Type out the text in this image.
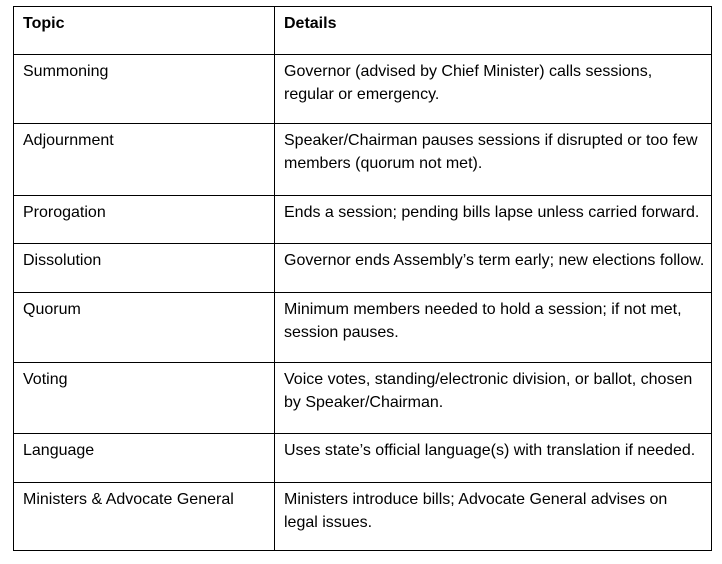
Topic	Details
Summoning	Governor (advised by Chief Minister) calls sessions, regular or emergency.
Adjournment	Speaker/Chairman pauses sessions if disrupted or too few members (quorum not met).
Prorogation	Ends a session; pending bills lapse unless carried forward.
Dissolution	Governor ends Assembly’s term early; new elections follow.
Quorum	Minimum members needed to hold a session; if not met, session pauses.
Voting	Voice votes, standing/electronic division, or ballot, chosen by Speaker/Chairman.
Language	Uses state’s official language(s) with translation if needed.
Ministers & Advocate General	Ministers introduce bills; Advocate General advises on legal issues.
